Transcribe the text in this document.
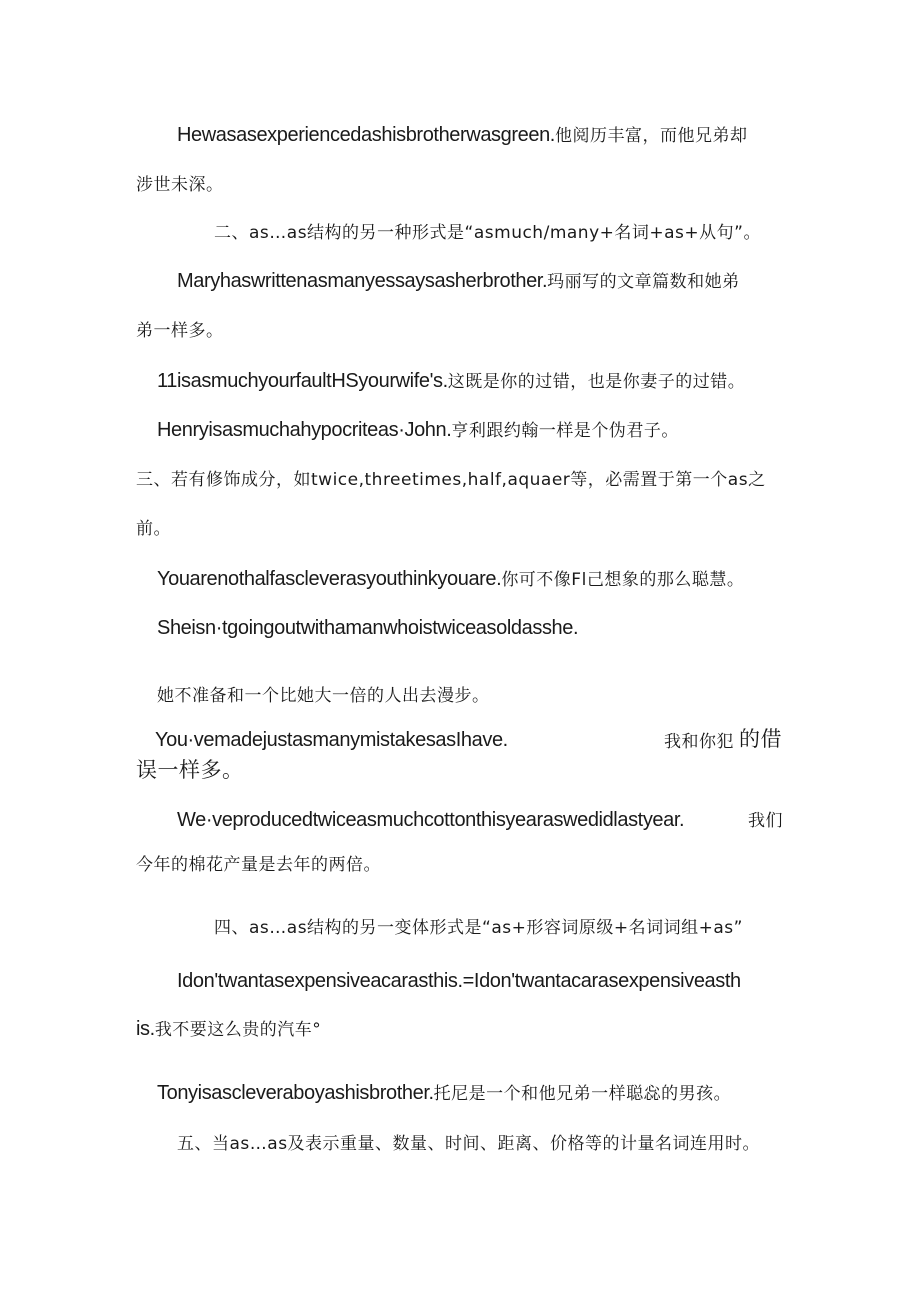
Hewasasexperiencedashisbrotherwasgreen.他阅历丰富，而他兄弟却
涉世未深。
二、as…as结构的另一种形式是“asmuch/many+名词+as+从句”。
Maryhaswrittenasmanyessaysasherbrother.玛丽写的文章篇数和她弟
弟一样多。
11isasmuchyourfaultHSyourwife's.这既是你的过错，也是你妻子的过错。
Henryisasmuchahypocriteas·John.亨利跟约翰一样是个伪君子。
三、若有修饰成分，如twice,threetimes,half,aquaer等，必需置于第一个as之
前。
Youarenothalfascleverasyouthinkyouare.你可不像Fl己想象的那么聪慧。
Sheisn·tgoingoutwithamanwhoistwiceasoldasshe.
她不准备和一个比她大一倍的人出去漫步。
You·vemadejustasmanymistakesasIhave.	我和你犯 的借
误一样多。
We·veproducedtwiceasmuchcottonthisyearaswedidlastyear.	我们
今年的棉花产量是去年的两倍。
四、as…as结构的另一变体形式是“as+形容词原级+名词词组+as”
Idon'twantasexpensiveacarasthis.=Idon'twantacarasexpensiveasth
is.我不要这么贵的汽车°
Tonyisascleveraboyashisbrother.托尼是一个和他兄弟一样聪惢的男孩。
五、当as…as及表示重量、数量、时间、距离、价格等的计量名词连用时。
